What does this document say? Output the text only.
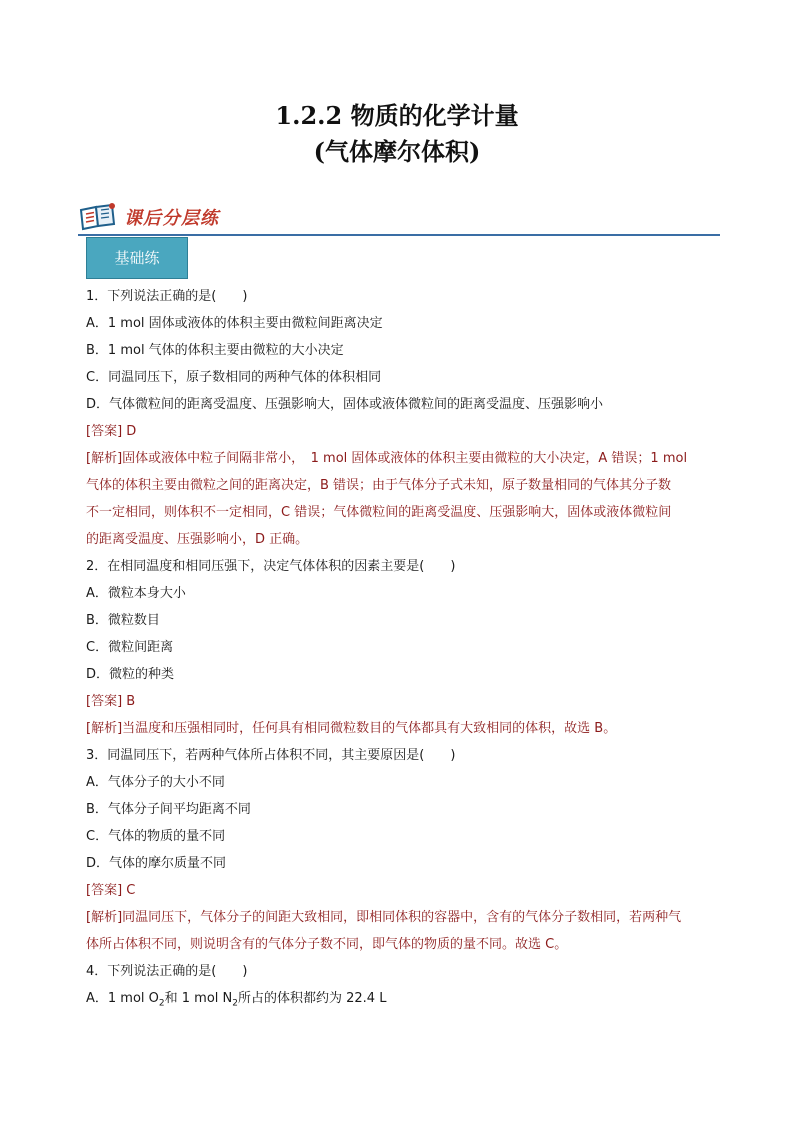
1.2.2 物质的化学计量
(气体摩尔体积)
课后分层练
基础练
1．下列说法正确的是(　　)
A．1 mol 固体或液体的体积主要由微粒间距离决定
B．1 mol 气体的体积主要由微粒的大小决定
C．同温同压下，原子数相同的两种气体的体积相同
D．气体微粒间的距离受温度、压强影响大，固体或液体微粒间的距离受温度、压强影响小
[答案] D
[解析]固体或液体中粒子间隔非常小，　1 mol 固体或液体的体积主要由微粒的大小决定，A 错误；1 mol
气体的体积主要由微粒之间的距离决定，B 错误；由于气体分子式未知，原子数量相同的气体其分子数
不一定相同，则体积不一定相同，C 错误；气体微粒间的距离受温度、压强影响大，固体或液体微粒间
的距离受温度、压强影响小，D 正确。
2．在相同温度和相同压强下，决定气体体积的因素主要是(　　)
A．微粒本身大小
B．微粒数目
C．微粒间距离
D．微粒的种类
[答案] B
[解析]当温度和压强相同时，任何具有相同微粒数目的气体都具有大致相同的体积，故选 B。
3．同温同压下，若两种气体所占体积不同，其主要原因是(　　)
A．气体分子的大小不同
B．气体分子间平均距离不同
C．气体的物质的量不同
D．气体的摩尔质量不同
[答案] C
[解析]同温同压下，气体分子的间距大致相同，即相同体积的容器中，含有的气体分子数相同，若两种气
体所占体积不同，则说明含有的气体分子数不同，即气体的物质的量不同。故选 C。
4．下列说法正确的是(　　)
A．1 mol $O_2$和 1 mol $N_2$所占的体积都约为 22.4 L
